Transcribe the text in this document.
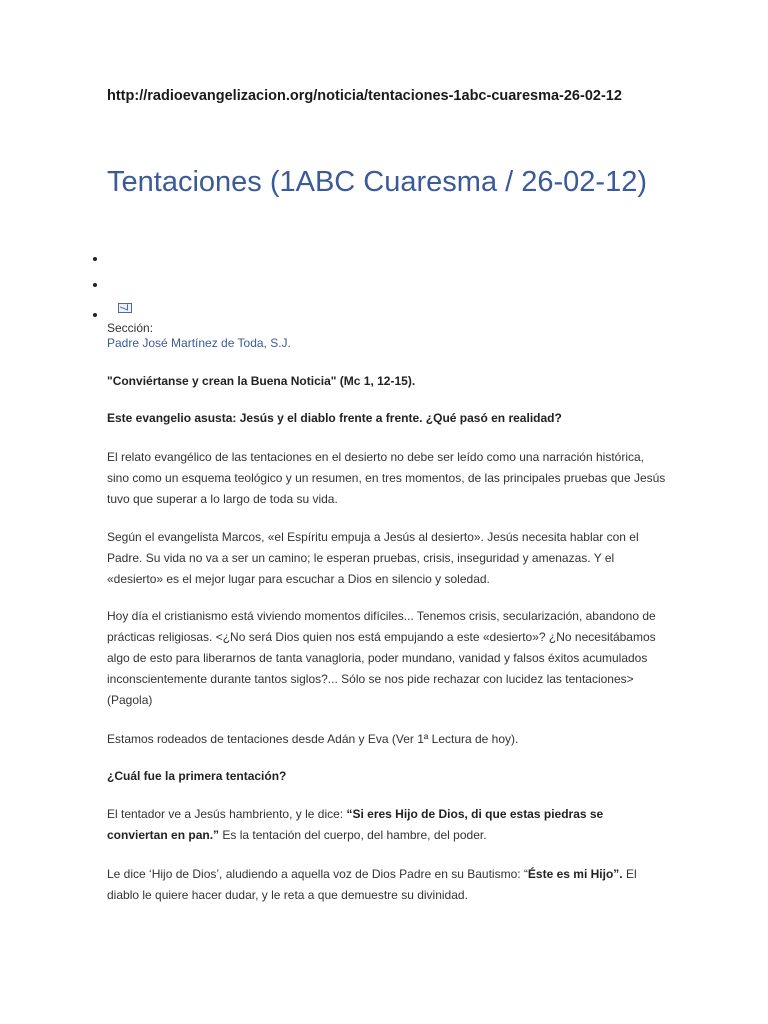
http://radioevangelizacion.org/noticia/tentaciones-1abc-cuaresma-26-02-12

Tentaciones (1ABC Cuaresma / 26-02-12)
Sección:
Padre José Martínez de Toda, S.J.

"Conviértanse y crean la Buena Noticia" (Mc 1, 12-15).

Este evangelio asusta: Jesús y el diablo frente a frente. ¿Qué pasó en realidad?

El relato evangélico de las tentaciones en el desierto no debe ser leído como una narración histórica, sino como un esquema teológico y un resumen, en tres momentos, de las principales pruebas que Jesús tuvo que superar a lo largo de toda su vida.

Según el evangelista Marcos, «el Espíritu empuja a Jesús al desierto». Jesús necesita hablar con el Padre. Su vida no va a ser un camino; le esperan pruebas, crisis, inseguridad y amenazas. Y el «desierto» es el mejor lugar para escuchar a Dios en silencio y soledad.

Hoy día el cristianismo está viviendo momentos difíciles... Tenemos crisis, secularización, abandono de prácticas religiosas. <¿No será Dios quien nos está empujando a este «desierto»? ¿No necesitábamos algo de esto para liberarnos de tanta vanagloria, poder mundano, vanidad y falsos éxitos acumulados inconscientemente durante tantos siglos?... Sólo se nos pide rechazar con lucidez las tentaciones> (Pagola)

Estamos rodeados de tentaciones desde Adán y Eva (Ver 1ª Lectura de hoy).

¿Cuál fue la primera tentación?

El tentador ve a Jesús hambriento, y le dice: “Si eres Hijo de Dios, di que estas piedras se conviertan en pan.” Es la tentación del cuerpo, del hambre, del poder.

Le dice ‘Hijo de Dios’, aludiendo a aquella voz de Dios Padre en su Bautismo: “Éste es mi Hijo”. El diablo le quiere hacer dudar, y le reta a que demuestre su divinidad.
